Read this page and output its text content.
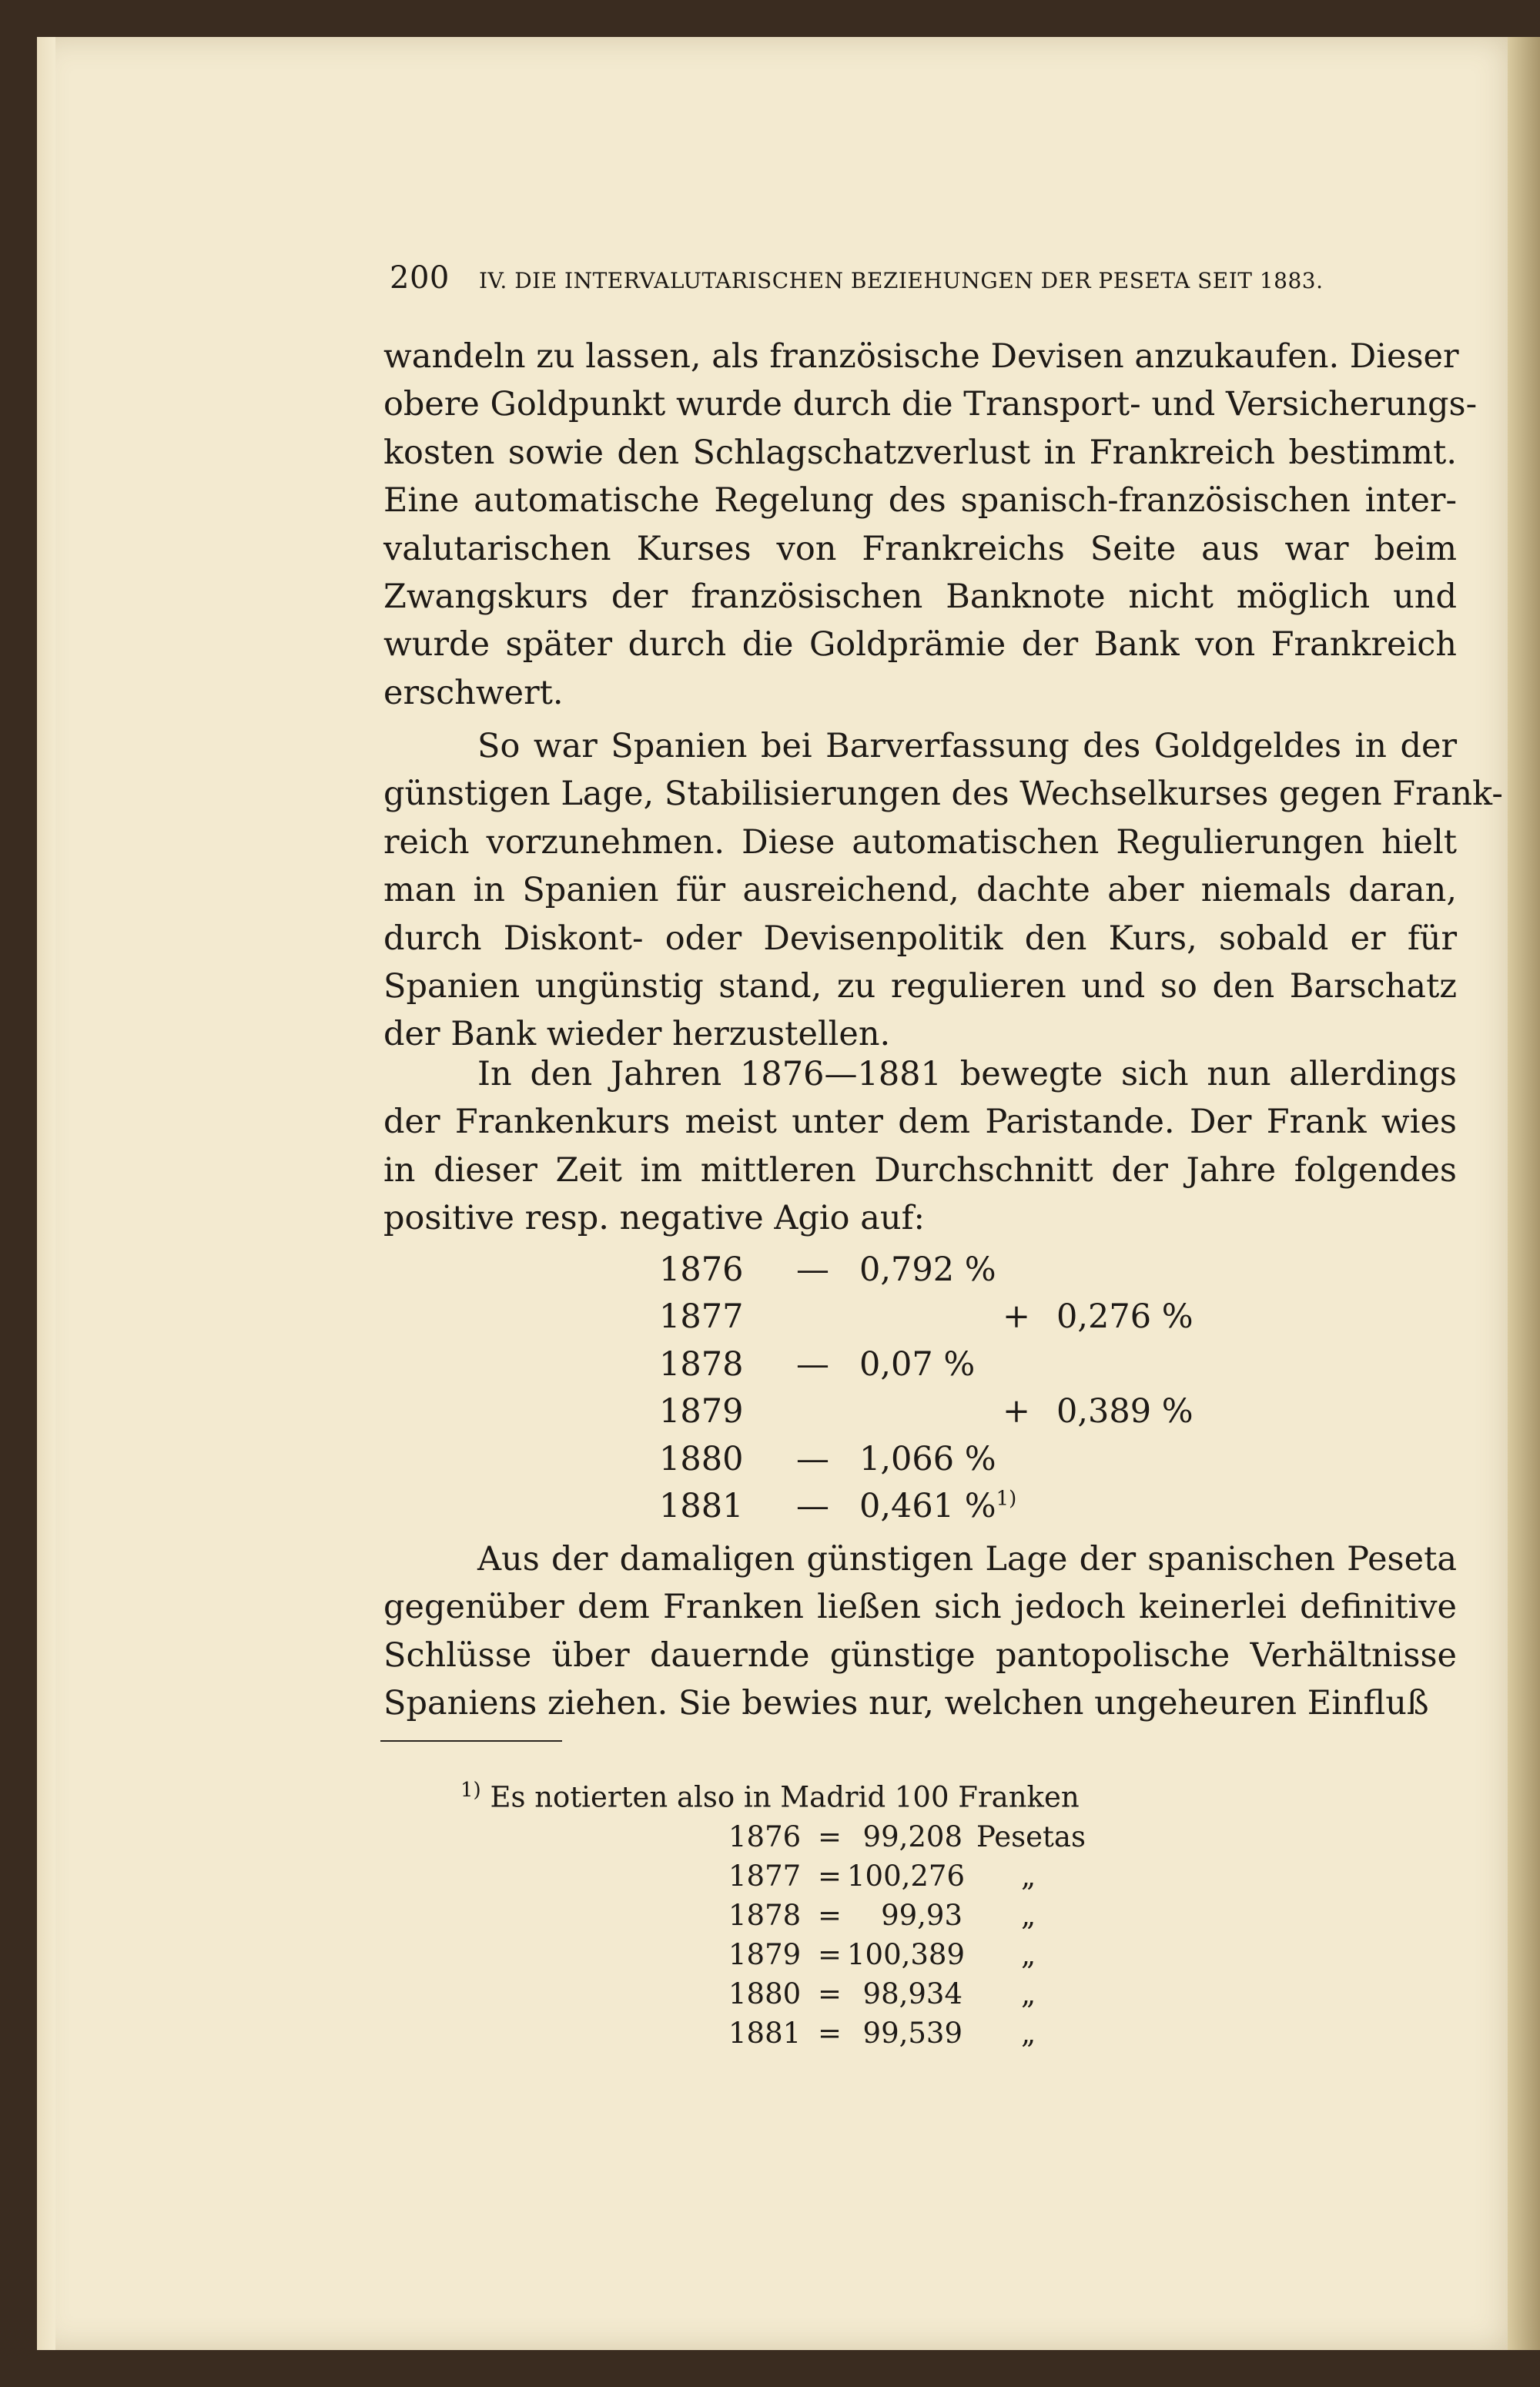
200 IV. DIE INTERVALUTARISCHEN BEZIEHUNGEN DER PESETA SEIT 1883.
wandeln zu lassen, als französische Devisen anzukaufen. Dieser
obere Goldpunkt wurde durch die Transport- und Versicherungs-
kosten sowie den Schlagschatzverlust in Frankreich bestimmt.
Eine automatische Regelung des spanisch-französischen inter-
valutarischen Kurses von Frankreichs Seite aus war beim
Zwangskurs der französischen Banknote nicht möglich und
wurde später durch die Goldprämie der Bank von Frankreich
erschwert.
So war Spanien bei Barverfassung des Goldgeldes in der
günstigen Lage, Stabilisierungen des Wechselkurses gegen Frank-
reich vorzunehmen. Diese automatischen Regulierungen hielt
man in Spanien für ausreichend, dachte aber niemals daran,
durch Diskont- oder Devisenpolitik den Kurs, sobald er für
Spanien ungünstig stand, zu regulieren und so den Barschatz
der Bank wieder herzustellen.
In den Jahren 1876—1881 bewegte sich nun allerdings
der Frankenkurs meist unter dem Paristande. Der Frank wies
in dieser Zeit im mittleren Durchschnitt der Jahre folgendes
positive resp. negative Agio auf:
1876 — 0,792 %
1877	+ 0,276 %
1878 — 0,07 %
1879	+ 0,389 %
1880 — 1,066 %
1881 — 0,461 %$^{1)}$
Aus der damaligen günstigen Lage der spanischen Peseta
gegenüber dem Franken ließen sich jedoch keinerlei definitive
Schlüsse über dauernde günstige pantopolische Verhältnisse
Spaniens ziehen. Sie bewies nur, welchen ungeheuren Einfluß
$^{1)}$ Es notierten also in Madrid 100 Franken
1876 = 99,208 Pesetas
1877 = 100,276 „
1878 =	99,93 „
1879 = 100,389 „
1880 = 98,934 „
1881 = 99,539 „
